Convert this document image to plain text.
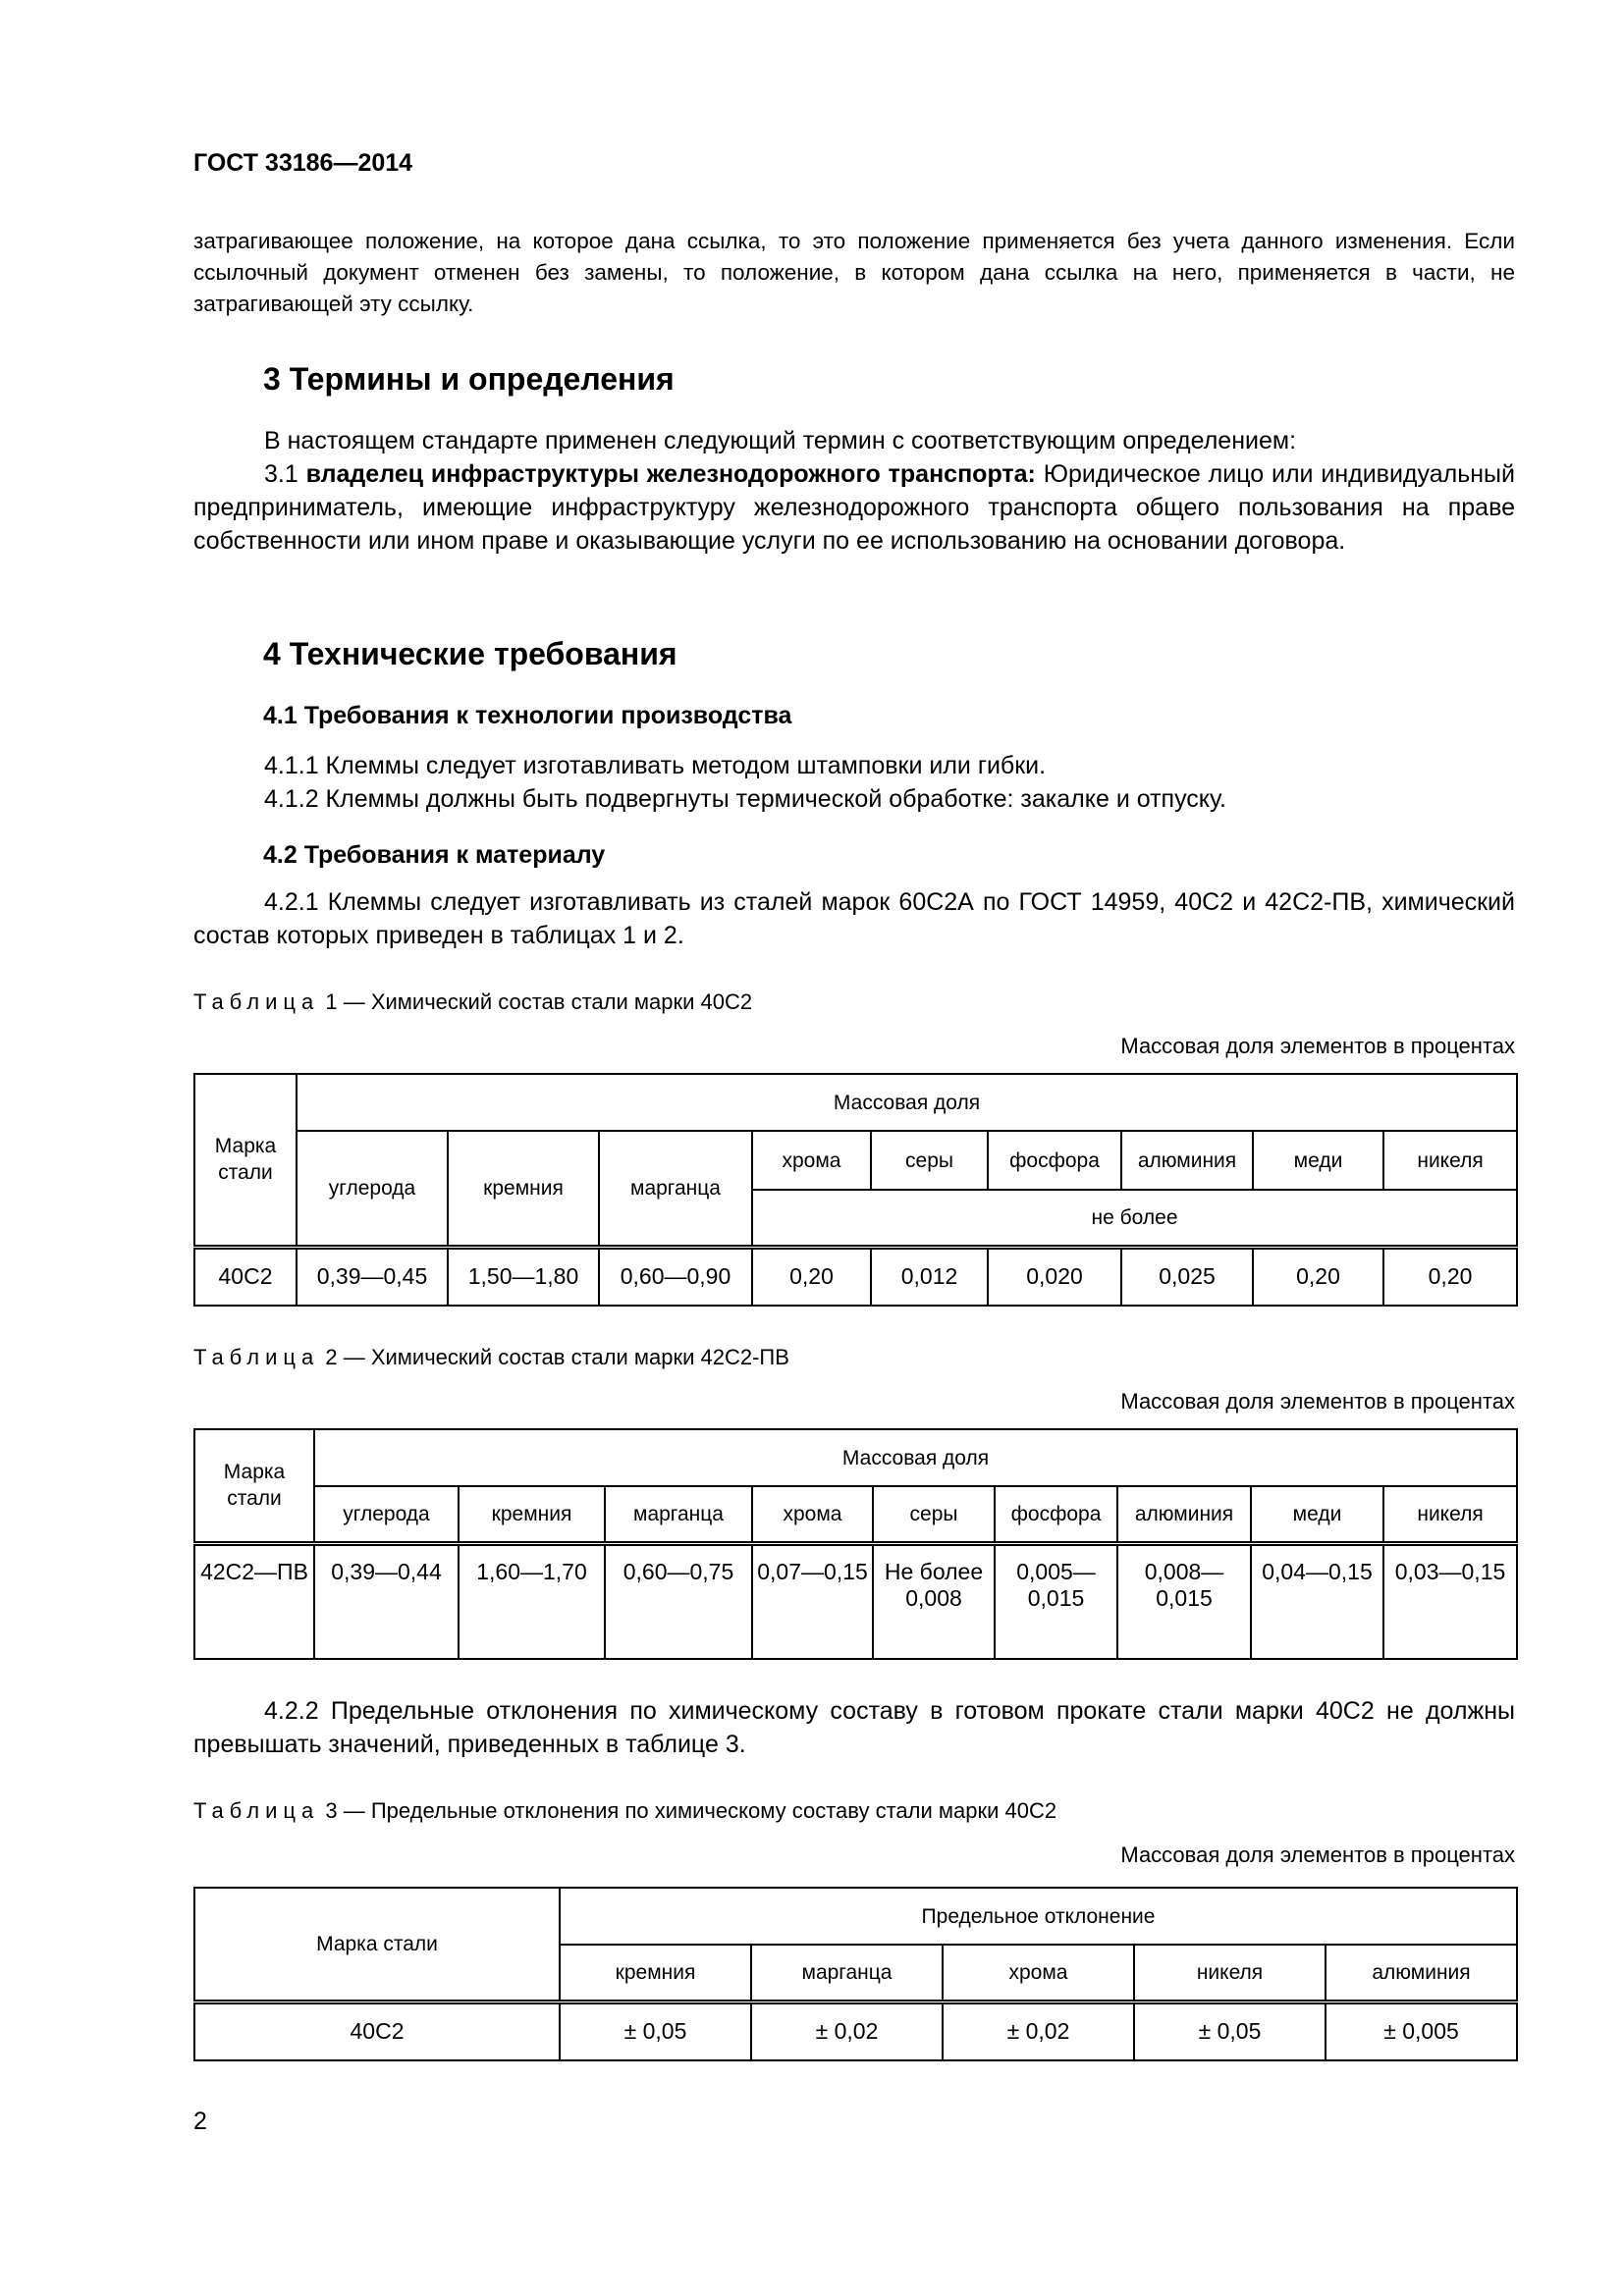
ГОСТ 33186—2014

затрагивающее положение, на которое дана ссылка, то это положение применяется без учета данного изменения. Если ссылочный документ отменен без замены, то положение, в котором дана ссылка на него, применяется в части, не затрагивающей эту ссылку.

3 Термины и определения

В настоящем стандарте применен следующий термин с соответствующим определением:

3.1 владелец инфраструктуры железнодорожного транспорта: Юридическое лицо или индивидуальный предприниматель, имеющие инфраструктуру железнодорожного транспорта общего пользования на праве собственности или ином праве и оказывающие услуги по ее использованию на основании договора.

4 Технические требования
4.1 Требования к технологии производства

4.1.1 Клеммы следует изготавливать методом штамповки или гибки.

4.1.2 Клеммы должны быть подвергнуты термической обработке: закалке и отпуску.

4.2 Требования к материалу

4.2.1 Клеммы следует изготавливать из сталей марок 60С2А по ГОСТ 14959, 40С2 и 42С2-ПВ, химический состав которых приведен в таблицах 1 и 2.

Таблица 1 — Химический состав стали марки 40С2
Массовая доля элементов в процентах
Марка стали	Массовая доля								
	углерода	кремния	марганца	хрома	серы	фосфора	алюминия	меди	никеля
				не более					
40С2	0,39—0,45	1,50—1,80	0,60—0,90	0,20	0,012	0,020	0,025	0,20	0,20
Таблица 2 — Химический состав стали марки 42С2-ПВ
Массовая доля элементов в процентах
Марка стали	Массовая доля								
	углерода	кремния	марганца	хрома	серы	фосфора	алюминия	меди	никеля
42С2—ПВ	0,39—0,44	1,60—1,70	0,60—0,75	0,07—0,15	Не более 0,008	0,005—0,015	0,008—0,015	0,04—0,15	0,03—0,15

4.2.2 Предельные отклонения по химическому составу в готовом прокате стали марки 40С2 не должны превышать значений, приведенных в таблице 3.

Таблица 3 — Предельные отклонения по химическому составу стали марки 40С2
Массовая доля элементов в процентах
Марка стали	Предельное отклонение				
	кремния	марганца	хрома	никеля	алюминия
40С2	± 0,05	± 0,02	± 0,02	± 0,05	± 0,005
2
